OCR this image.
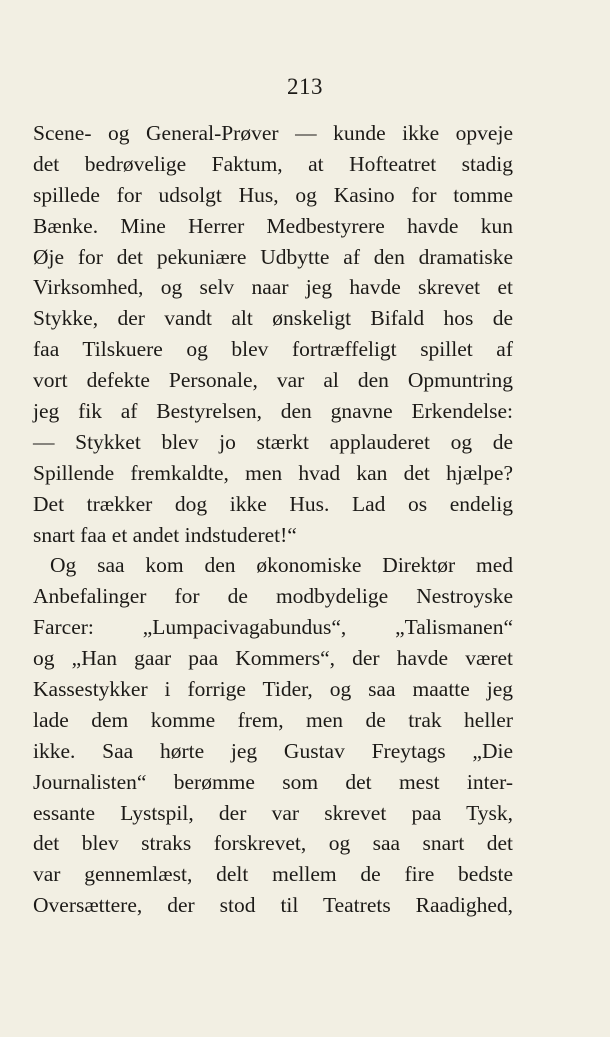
213
Scene- og General-Prøver — kunde ikke opveje
det bedrøvelige Faktum, at Hofteatret stadig
spillede for udsolgt Hus, og Kasino for tomme
Bænke. Mine Herrer Medbestyrere havde kun
Øje for det pekuniære Udbytte af den dramatiske
Virksomhed, og selv naar jeg havde skrevet et
Stykke, der vandt alt ønskeligt Bifald hos de
faa Tilskuere og blev fortræffeligt spillet af
vort defekte Personale, var al den Opmuntring
jeg fik af Bestyrelsen, den gnavne Erkendelse:
— Stykket blev jo stærkt applauderet og de
Spillende fremkaldte, men hvad kan det hjælpe?
Det trækker dog ikke Hus. Lad os endelig
snart faa et andet indstuderet!“
Og saa kom den økonomiske Direktør med
Anbefalinger for de modbydelige Nestroyske
Farcer: „Lumpacivagabundus“, „Talismanen“
og „Han gaar paa Kommers“, der havde været
Kassestykker i forrige Tider, og saa maatte jeg
lade dem komme frem, men de trak heller
ikke. Saa hørte jeg Gustav Freytags „Die
Journalisten“ berømme som det mest inter-
essante Lystspil, der var skrevet paa Tysk,
det blev straks forskrevet, og saa snart det
var gennemlæst, delt mellem de fire bedste
Oversættere, der stod til Teatrets Raadighed,
